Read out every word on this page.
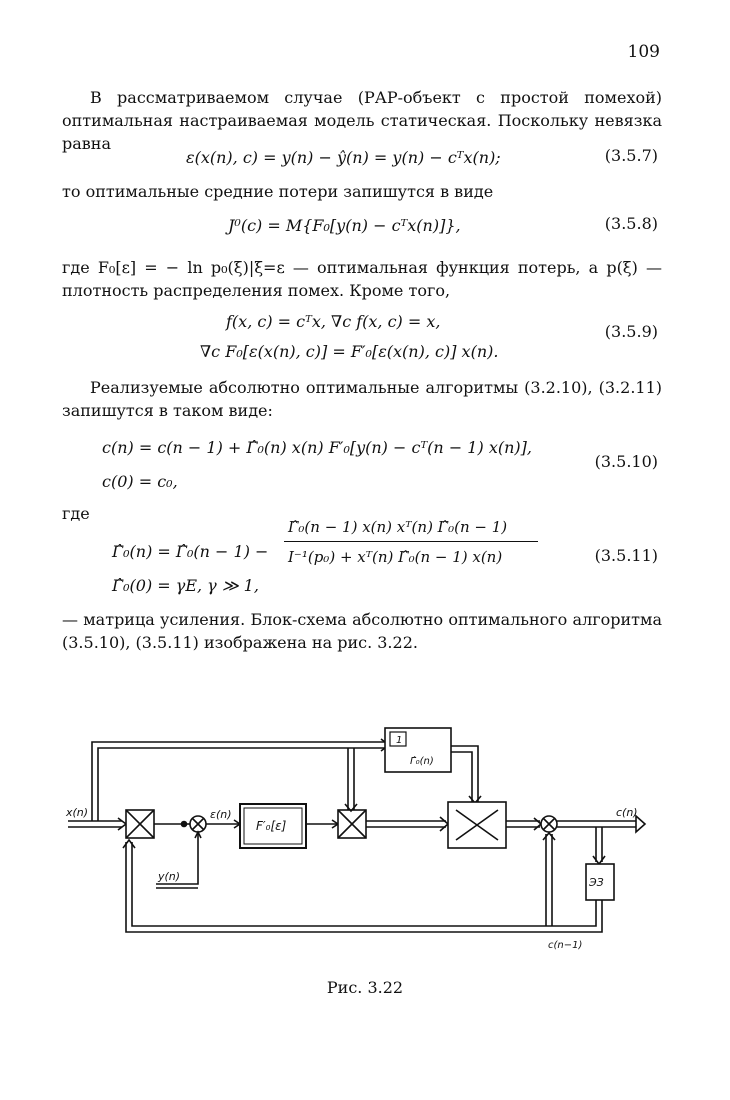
109
В рассматриваемом случае (РАР-объект с простой помехой) оптимальная настраиваемая модель статическая. Поскольку невязка равна
ε(x(n), c) = y(n) − ŷ(n) = y(n) − cᵀx(n);	(3.5.7)
то оптимальные средние потери запишутся в виде
J⁰(c) = M{F₀[y(n) − cᵀx(n)]},	(3.5.8)
где F₀[ε] = − ln p₀(ξ)|ξ=ε — оптимальная функция потерь, а p(ξ) — плотность распределения помех. Кроме того,
f(x, c) = cᵀx, ∇c f(x, c) = x,
∇c F₀[ε(x(n), c)] = F′₀[ε(x(n), c)] x(n).
(3.5.9)
Реализуемые абсолютно оптимальные алгоритмы (3.2.10), (3.2.11) запишутся в таком виде:
c(n) = c(n − 1) + Γ̂₀(n) x(n) F′₀[y(n) − cᵀ(n − 1) x(n)],
c(0) = c₀,
(3.5.10)
где
Γ̂₀(n) = Γ̂₀(n − 1) −
Γ̂₀(n − 1) x(n) xᵀ(n) Γ̂₀(n − 1)
I⁻¹(p₀) + xᵀ(n) Γ̂₀(n − 1) x(n)
Γ̂₀(0) = γE, γ ≫ 1,
(3.5.11)
— матрица усиления. Блок-схема абсолютно оптимального алгоритма (3.5.10), (3.5.11) изображена на рис. 3.22.
x(n)
y(n)
ε(n)
F′₀[ε]
1
Γ̂₀(n)
c(n)
ЭЗ
c(n−1)
Рис. 3.22
